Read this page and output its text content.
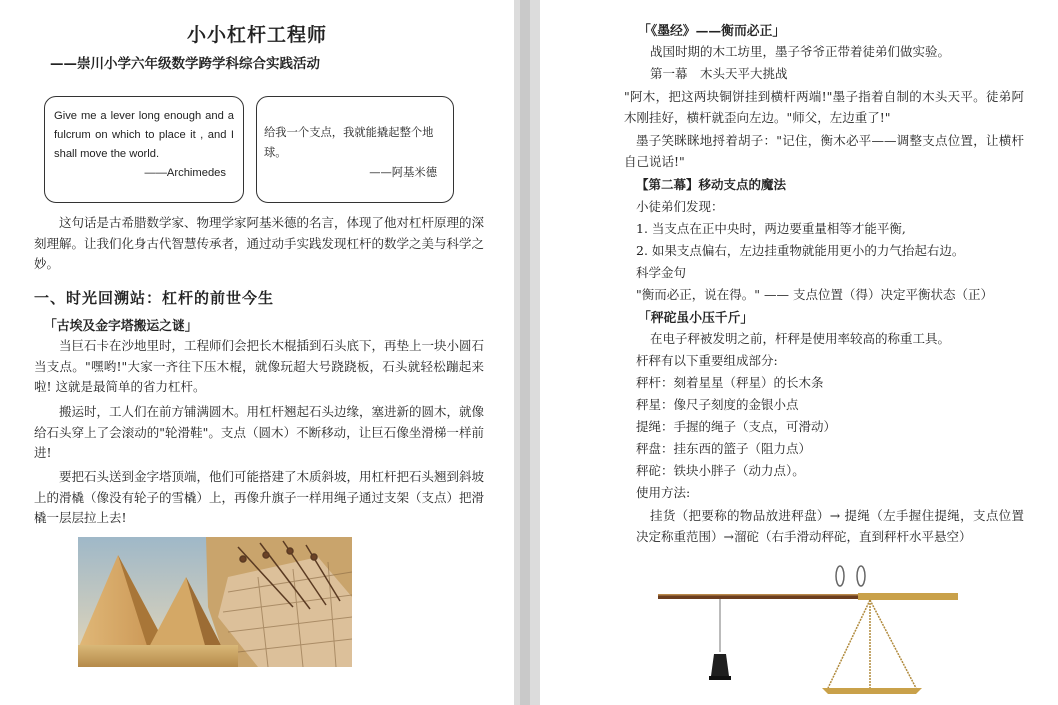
小小杠杆工程师
——崇川小学六年级数学跨学科综合实践活动
Give me a lever long enough and a fulcrum on which to place it , and I shall move the world.
——Archimedes
给我一个支点，我就能撬起整个地球。
——阿基米德
这句话是古希腊数学家、物理学家阿基米德的名言，体现了他对杠杆原理的深刻理解。让我们化身古代智慧传承者，通过动手实践发现杠杆的数学之美与科学之妙。
一、时光回溯站：杠杆的前世今生
「古埃及金字塔搬运之谜」
当巨石卡在沙地里时，工程师们会把长木棍插到石头底下，再垫上一块小圆石当支点。"嘿哟!"大家一齐往下压木棍，就像玩超大号跷跷板，石头就轻松蹦起来啦! 这就是最简单的省力杠杆。
搬运时，工人们在前方铺满圆木。用杠杆翘起石头边缘，塞进新的圆木，就像给石头穿上了会滚动的"轮滑鞋"。支点（圆木）不断移动，让巨石像坐滑梯一样前进!
要把石头送到金字塔顶端，他们可能搭建了木质斜坡，用杠杆把石头翘到斜坡上的滑橇（像没有轮子的雪橇）上，再像升旗子一样用绳子通过支架（支点）把滑橇一层层拉上去!
「《墨经》——衡而必正」
战国时期的木工坊里，墨子爷爷正带着徒弟们做实验。
第一幕　木头天平大挑战
"阿木，把这两块铜饼挂到横杆两端!"墨子指着自制的木头天平。徒弟阿木刚挂好，横杆就歪向左边。"师父，左边重了!"
墨子笑眯眯地捋着胡子："记住，衡木必平——调整支点位置，让横杆自己说话!"
【第二幕】移动支点的魔法
小徒弟们发现：
1. 当支点在正中央时，两边要重量相等才能平衡,
2. 如果支点偏右，左边挂重物就能用更小的力气抬起右边。
科学金句
"衡而必正，说在得。" —— 支点位置（得）决定平衡状态（正）
「秤砣虽小压千斤」
在电子秤被发明之前，杆秤是使用率较高的称重工具。
杆秤有以下重要组成部分:
秤杆：刻着星星（秤星）的长木条
秤星：像尺子刻度的金银小点
提绳：手握的绳子（支点，可滑动）
秤盘：挂东西的篮子（阻力点）
秤砣：铁块小胖子（动力点）。
使用方法:
挂货（把要称的物品放进秤盘）→ 提绳（左手握住提绳，支点位置决定称重范围）→溜砣（右手滑动秤砣，直到秤杆水平悬空）
